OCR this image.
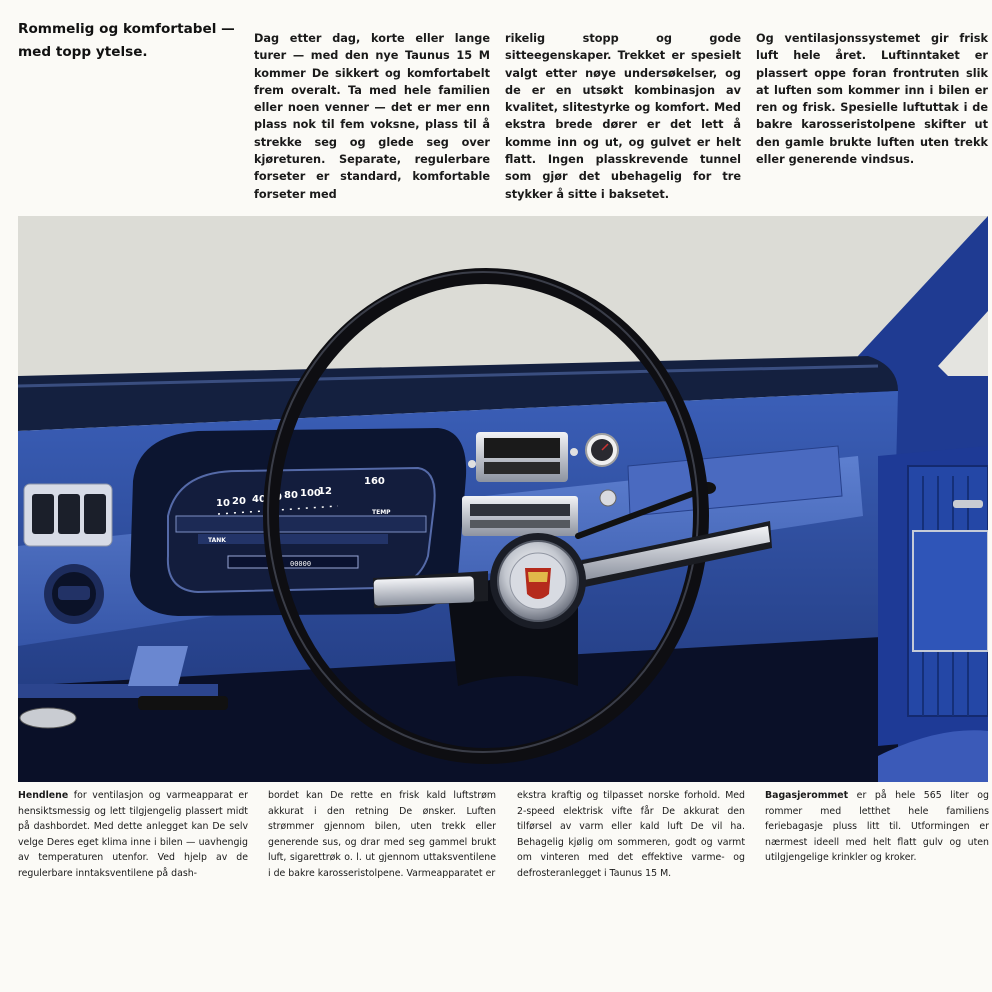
Rommelig og komfortabel —
med topp ytelse.
Dag etter dag, korte eller lange turer — med den nye Taunus 15 M kommer De sikkert og komfortabelt frem overalt. Ta med hele familien eller noen venner — det er mer enn plass nok til fem voksne, plass til å strekke seg og glede seg over kjøreturen. Separate, regulerbare forseter er standard, komfortable forseter med
rikelig stopp og gode sitteegenskaper. Trekket er spesielt valgt etter nøye undersøkelser, og de er en utsøkt kombinasjon av kvalitet, slitestyrke og komfort. Med ekstra brede dører er det lett å komme inn og ut, og gulvet er helt flatt. Ingen plasskrevende tunnel som gjør det ubehagelig for tre stykker å sitte i baksetet.
Og ventilasjonssystemet gir frisk luft hele året. Luftinntaket er plassert oppe foran frontruten slik at luften som kommer inn i bilen er ren og frisk. Spesielle luftuttak i de bakre karosseristolpene skifter ut den gamle brukte luften uten trekk eller generende vindsus.
10 20 40 60 80 100
12
160
TANK
TEMP
00000
Hendlene for ventilasjon og varmeapparat er hensiktsmessig og lett tilgjengelig plassert midt på dashbordet. Med dette anlegget kan De selv velge Deres eget klima inne i bilen — uavhengig av temperaturen utenfor. Ved hjelp av de regulerbare inntaksventilene på dash-
bordet kan De rette en frisk kald luftstrøm akkurat i den retning De ønsker. Luften strømmer gjennom bilen, uten trekk eller generende sus, og drar med seg gammel brukt luft, sigarettrøk o. l. ut gjennom uttaksventilene i de bakre karosseristolpene. Varmeapparatet er
ekstra kraftig og tilpasset norske forhold. Med 2-speed elektrisk vifte får De akkurat den tilførsel av varm eller kald luft De vil ha. Behagelig kjølig om sommeren, godt og varmt om vinteren med det effektive varme- og defrosteranlegget i Taunus 15 M.
Bagasjerommet er på hele 565 liter og rommer med letthet hele familiens feriebagasje pluss litt til. Utformingen er nærmest ideell med helt flatt gulv og uten utilgjengelige krinkler og kroker.
